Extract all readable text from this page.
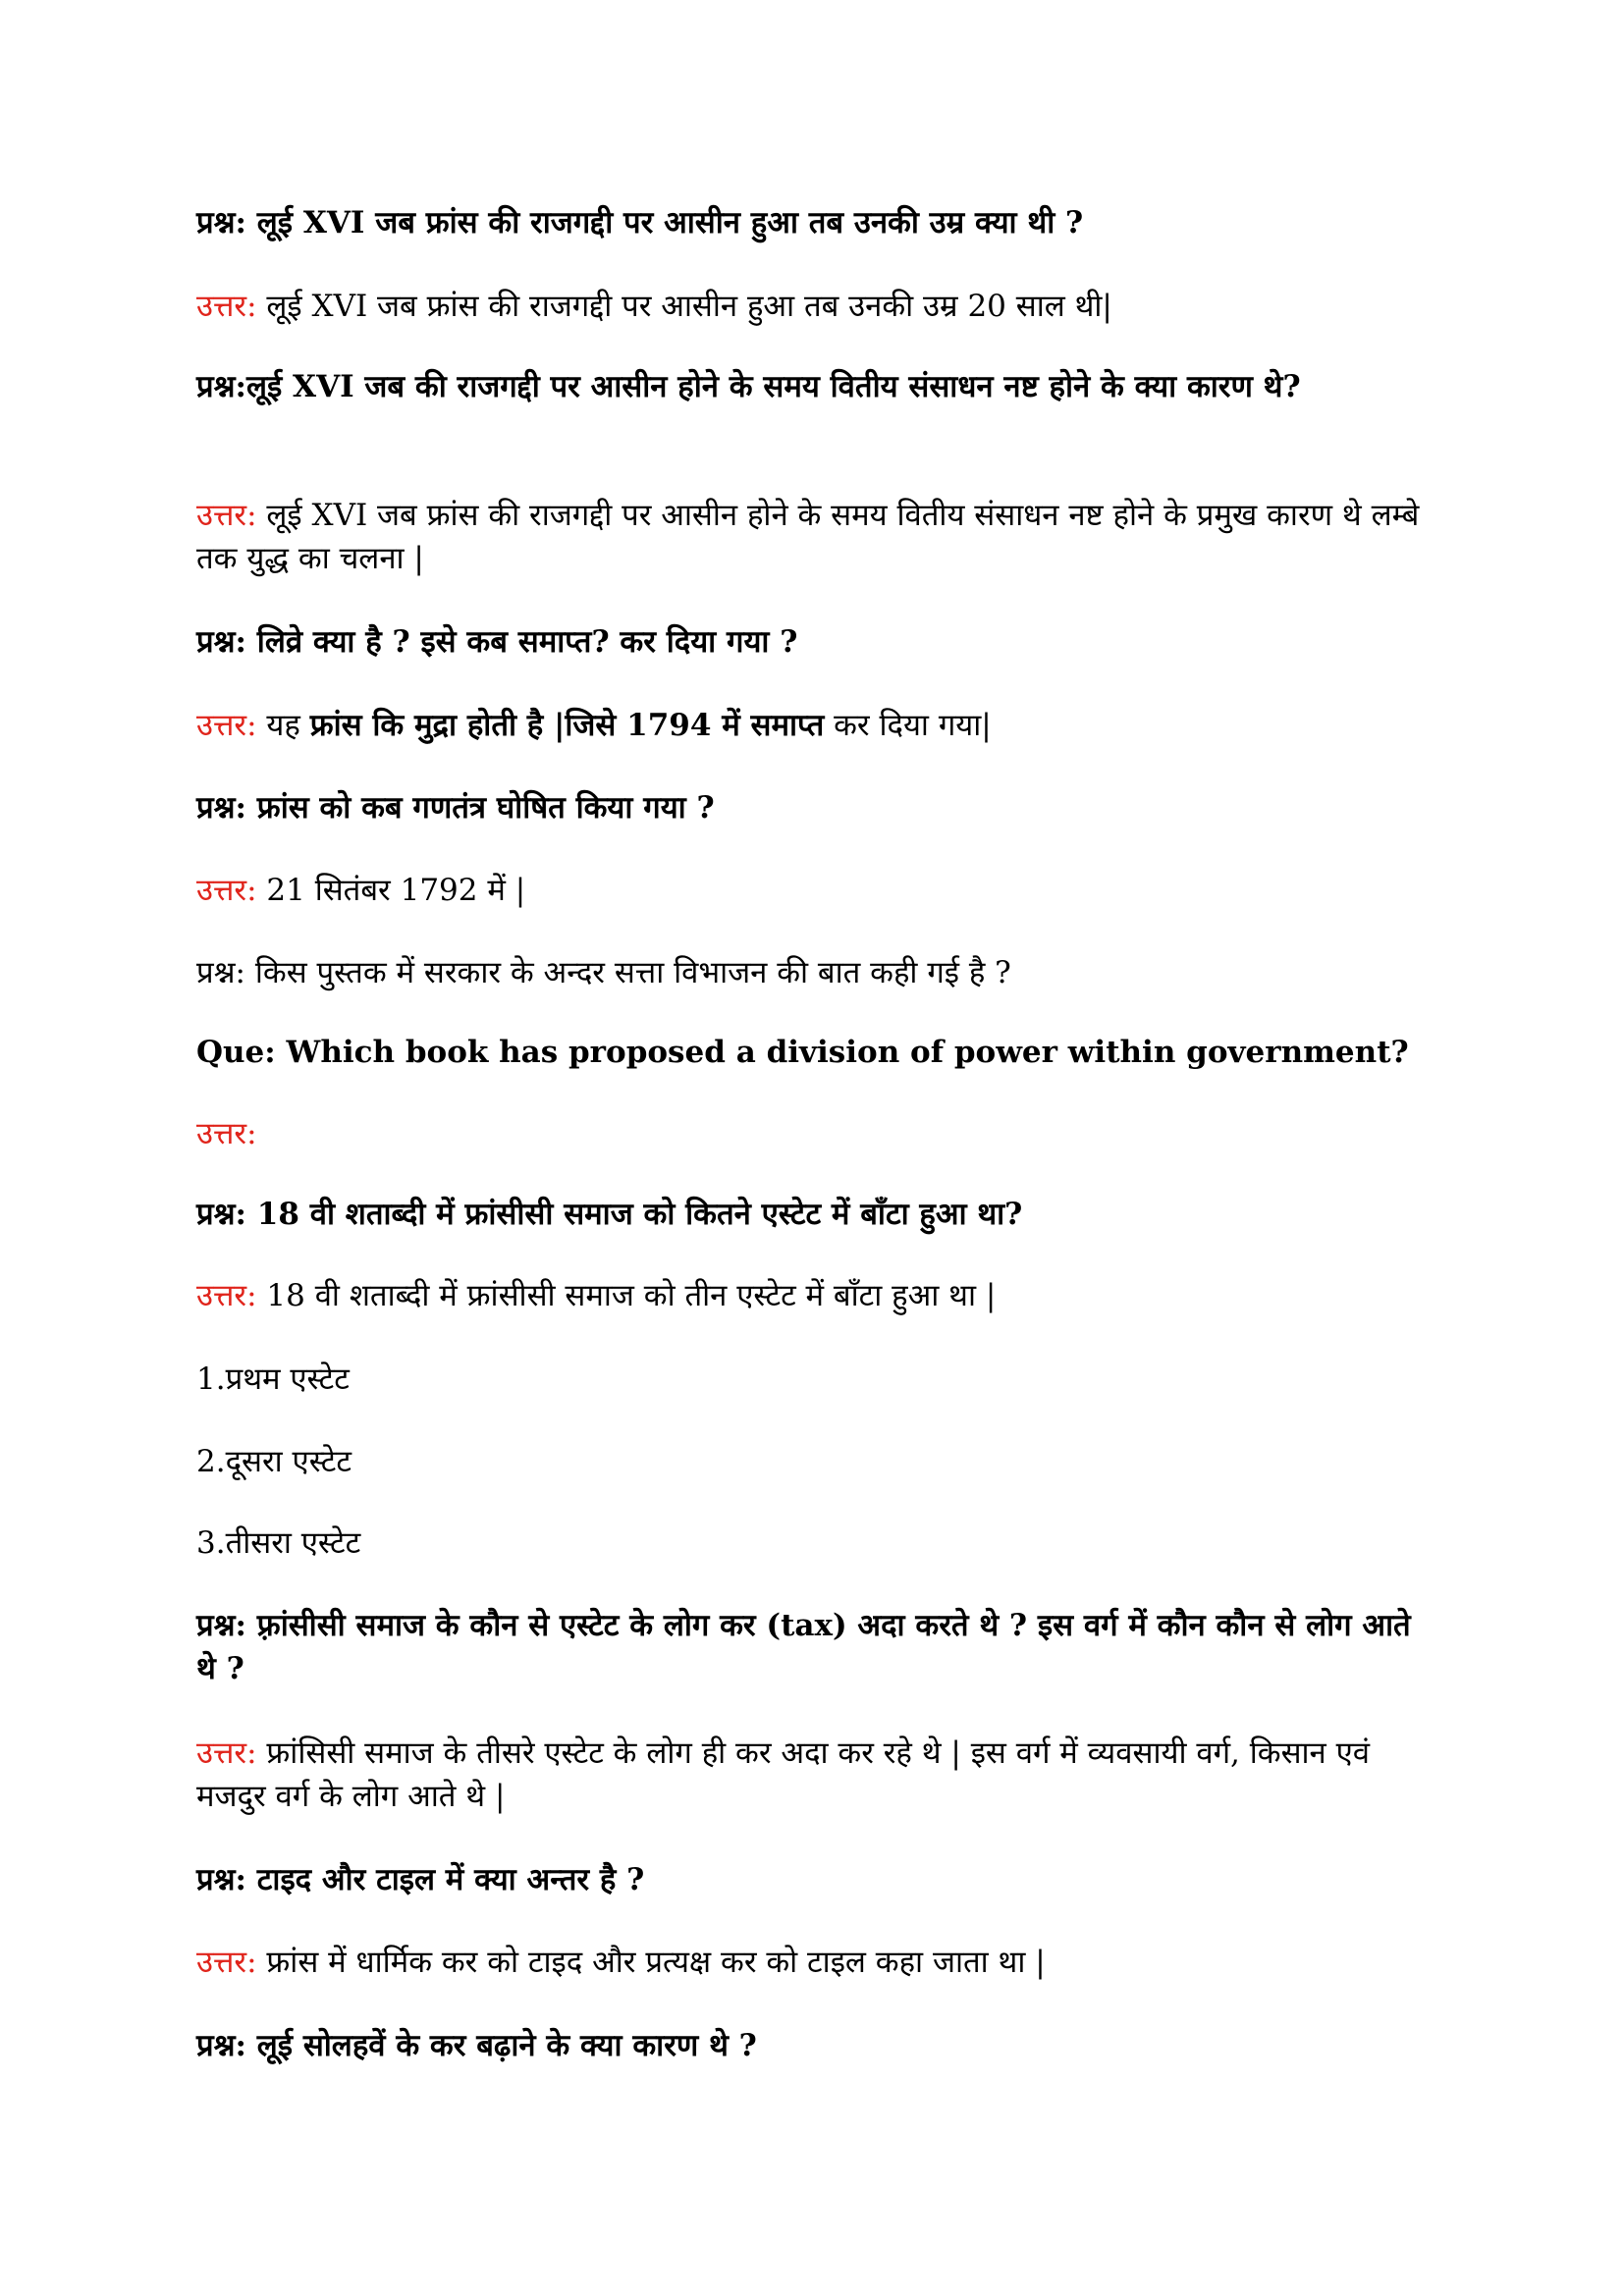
प्रश्न: लूई XVI जब फ्रांस की राजगद्दी पर आसीन हुआ तब उनकी उम्र क्या थी ?
उत्तर: लूई XVI जब फ्रांस की राजगद्दी पर आसीन हुआ तब उनकी उम्र 20 साल थी|
प्रश्न:लूई XVI जब की राजगद्दी पर आसीन होने के समय वितीय संसाधन नष्ट होने के क्या कारण थे?
उत्तर: लूई XVI जब फ्रांस की राजगद्दी पर आसीन होने के समय वितीय संसाधन नष्ट होने के प्रमुख कारण थे लम्बे तक युद्ध का चलना |
प्रश्न: लिव्रे क्या है ? इसे कब समाप्त? कर दिया गया ?
उत्तर: यह फ्रांस कि मुद्रा होती है |जिसे 1794 में समाप्त कर दिया गया|
प्रश्न: फ्रांस को कब गणतंत्र घोषित किया गया ?
उत्तर: 21 सितंबर 1792 में |
प्रश्न: किस पुस्तक में सरकार के अन्दर सत्ता विभाजन की बात कही गई है ?
Que: Which book has proposed a division of power within government?
उत्तर:
प्रश्न: 18 वी शताब्दी में फ्रांसीसी समाज को कितने एस्टेट में बाँटा हुआ था?
उत्तर: 18 वी शताब्दी में फ्रांसीसी समाज को तीन एस्टेट में बाँटा हुआ था |
1.प्रथम एस्टेट
2.दूसरा एस्टेट
3.तीसरा एस्टेट
प्रश्न: फ़्रांसीसी समाज के कौन से एस्टेट के लोग कर (tax) अदा करते थे ? इस वर्ग में कौन कौन से लोग आते थे ?
उत्तर: फ्रांसिसी समाज के तीसरे एस्टेट के लोग ही कर अदा कर रहे थे | इस वर्ग में व्यवसायी वर्ग, किसान एवं मजदुर वर्ग के लोग आते थे |
प्रश्न: टाइद और टाइल में क्या अन्तर है ?
उत्तर: फ्रांस में धार्मिक कर को टाइद और प्रत्यक्ष कर को टाइल कहा जाता था |
प्रश्न: लूई सोलहवें के कर बढ़ाने के क्या कारण थे ?
